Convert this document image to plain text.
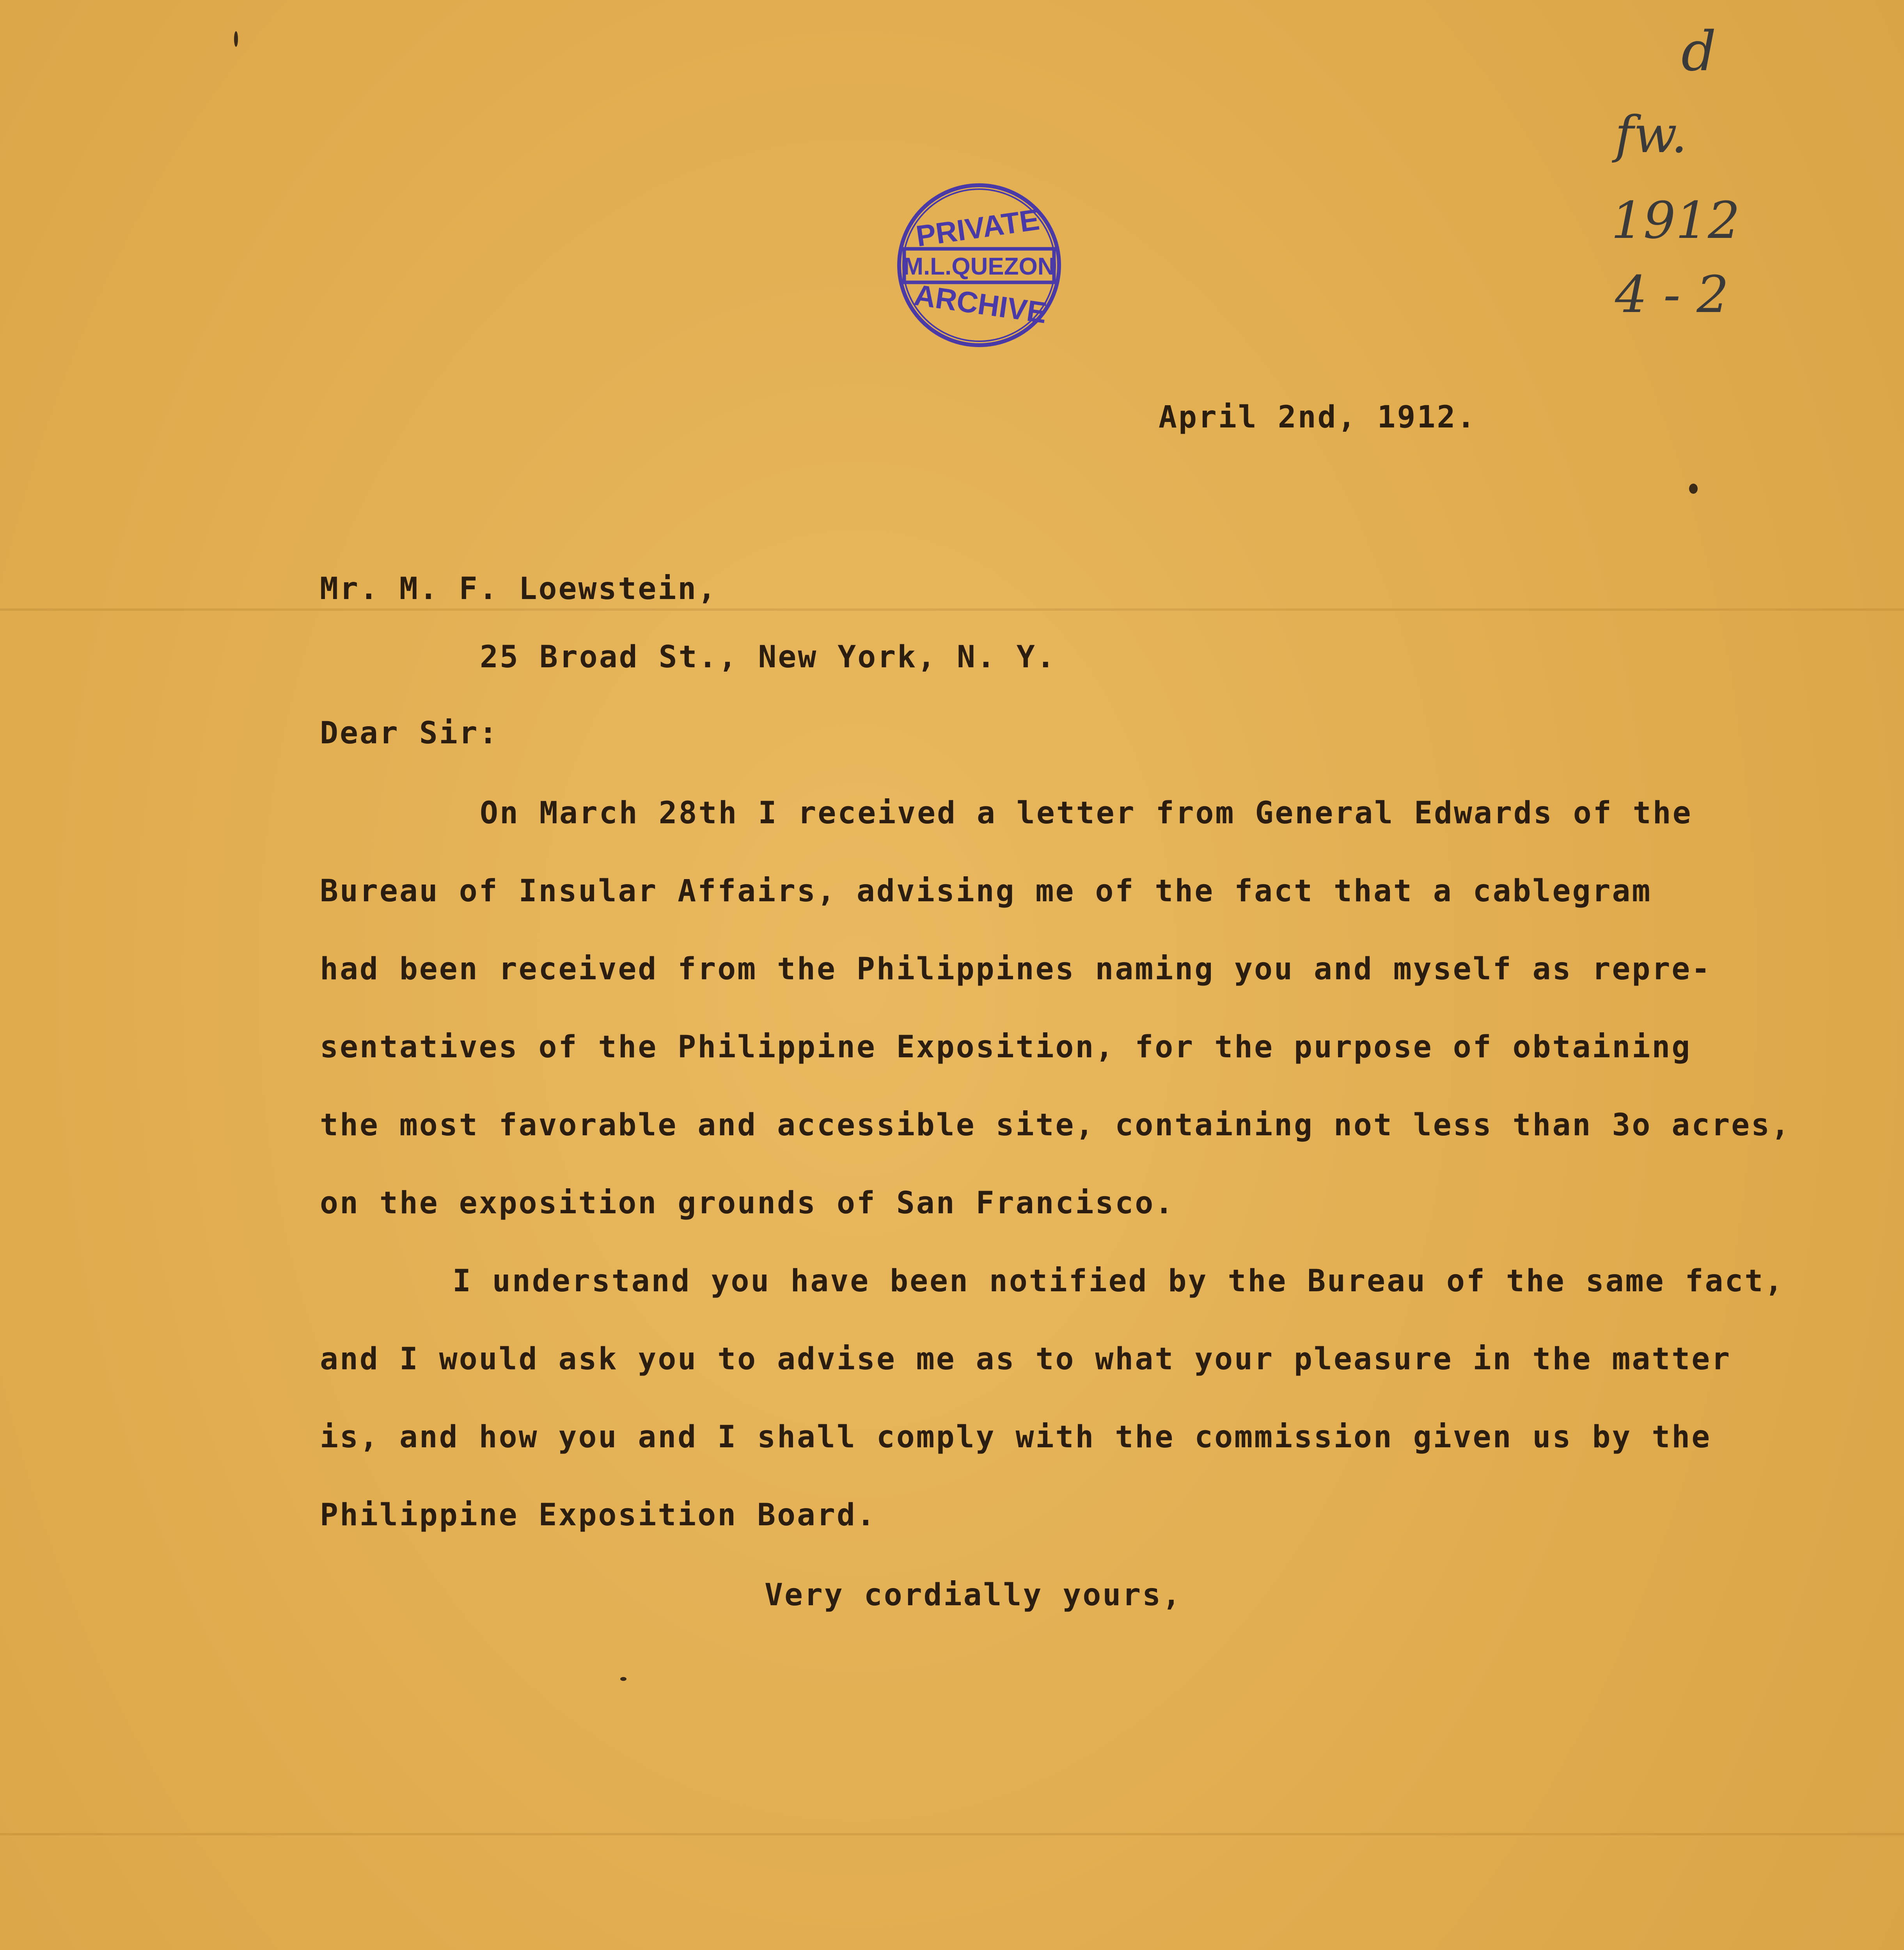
PRIVATE
M.L.QUEZON
ARCHIVE
d
fw.
1912
4 - 2

April 2nd, 1912.

Mr. M. F. Loewstein,

25 Broad St., New York, N. Y.

Dear Sir:

On March 28th I received a letter from General Edwards of the

Bureau of Insular Affairs, advising me of the fact that a cablegram

had been received from the Philippines naming you and myself as repre-

sentatives of the Philippine Exposition, for the purpose of obtaining

the most favorable and accessible site, containing not less than 3o acres,

on the exposition grounds of San Francisco.

I understand you have been notified by the Bureau of the same fact,

and I would ask you to advise me as to what your pleasure in the matter

is, and how you and I shall comply with the commission given us by the

Philippine Exposition Board.

Very cordially yours,
